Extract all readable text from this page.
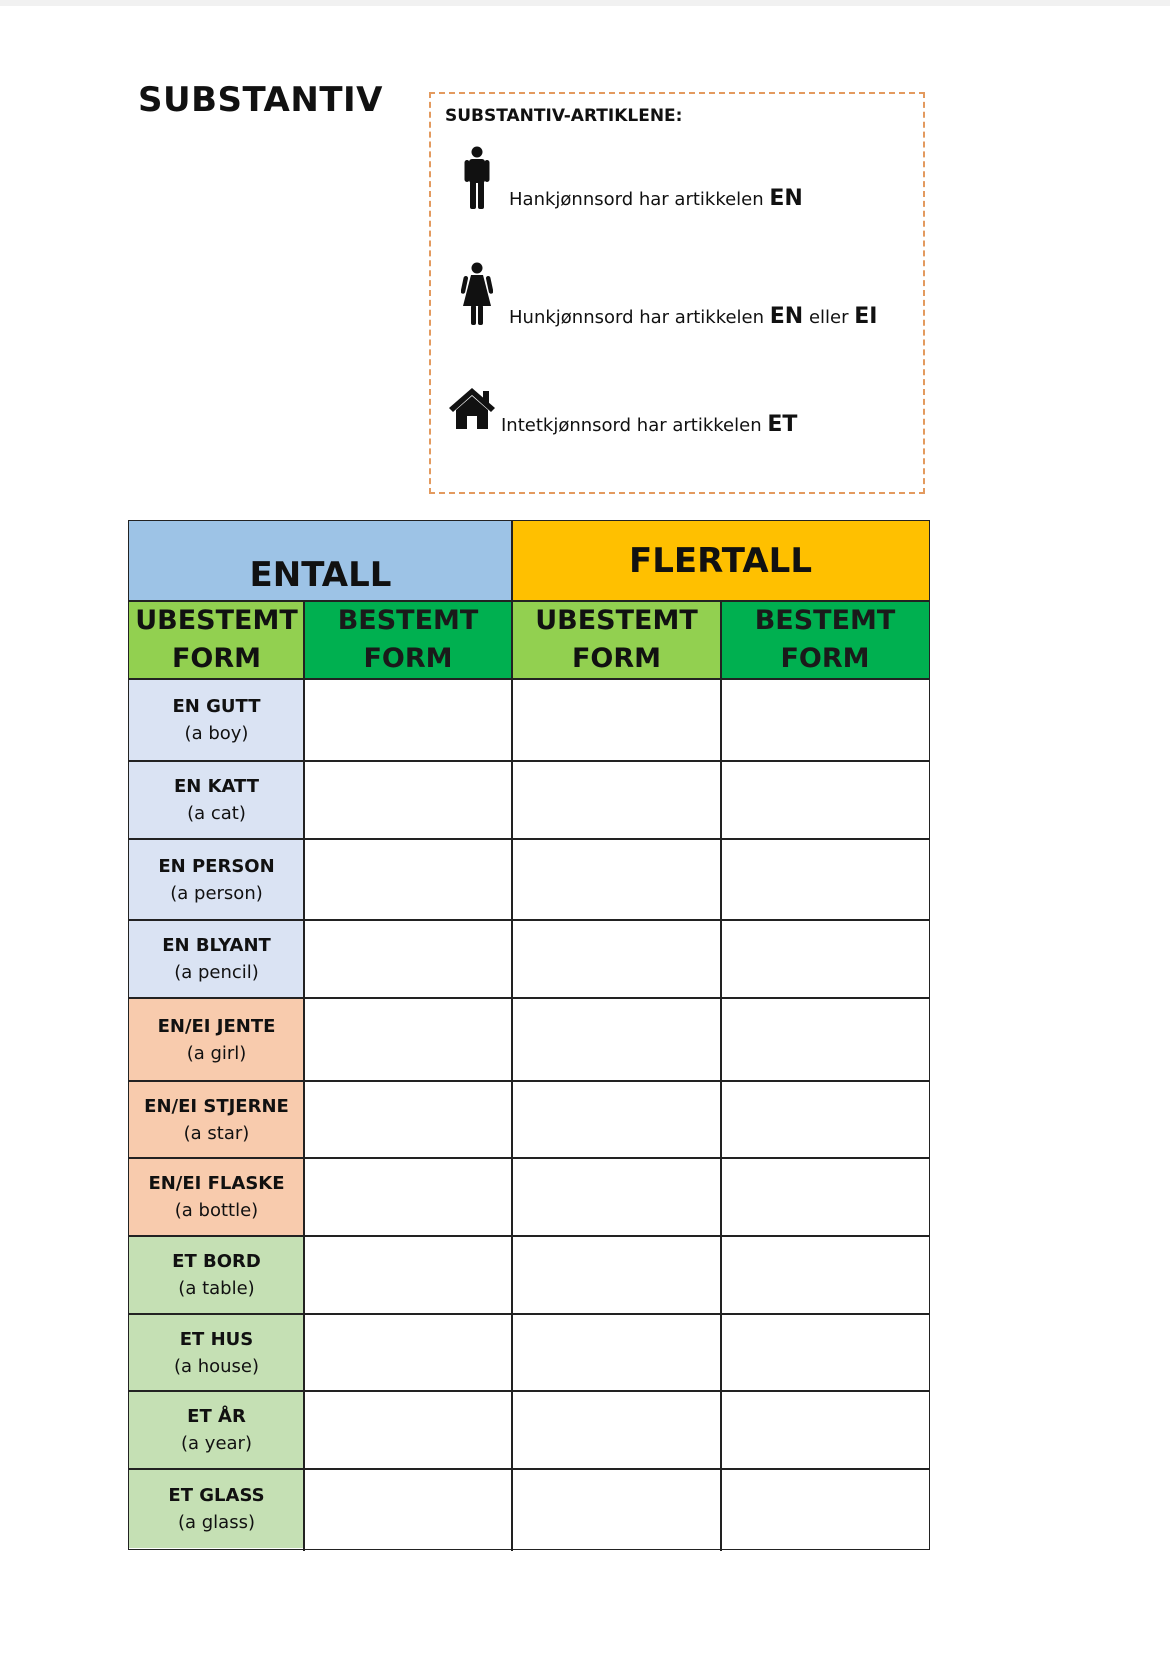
SUBSTANTIV	SUBSTANTIV-ARTIKLENE:
Hankjønnsord har artikkelen EN
Hunkjønnsord har artikkelen EN eller EI
Intetkjønnsord har artikkelen ET
ENTALL	FLERTALL
UBESTEMT
FORM
BESTEMT
FORM
UBESTEMT
FORM
BESTEMT
FORM
EN GUTT
(a boy)
EN KATT
(a cat)
EN PERSON
(a person)
EN BLYANT
(a pencil)
EN/EI JENTE
(a girl)
EN/EI STJERNE
(a star)
EN/EI FLASKE
(a bottle)
ET BORD
(a table)
ET HUS
(a house)
ET ÅR
(a year)
ET GLASS
(a glass)
